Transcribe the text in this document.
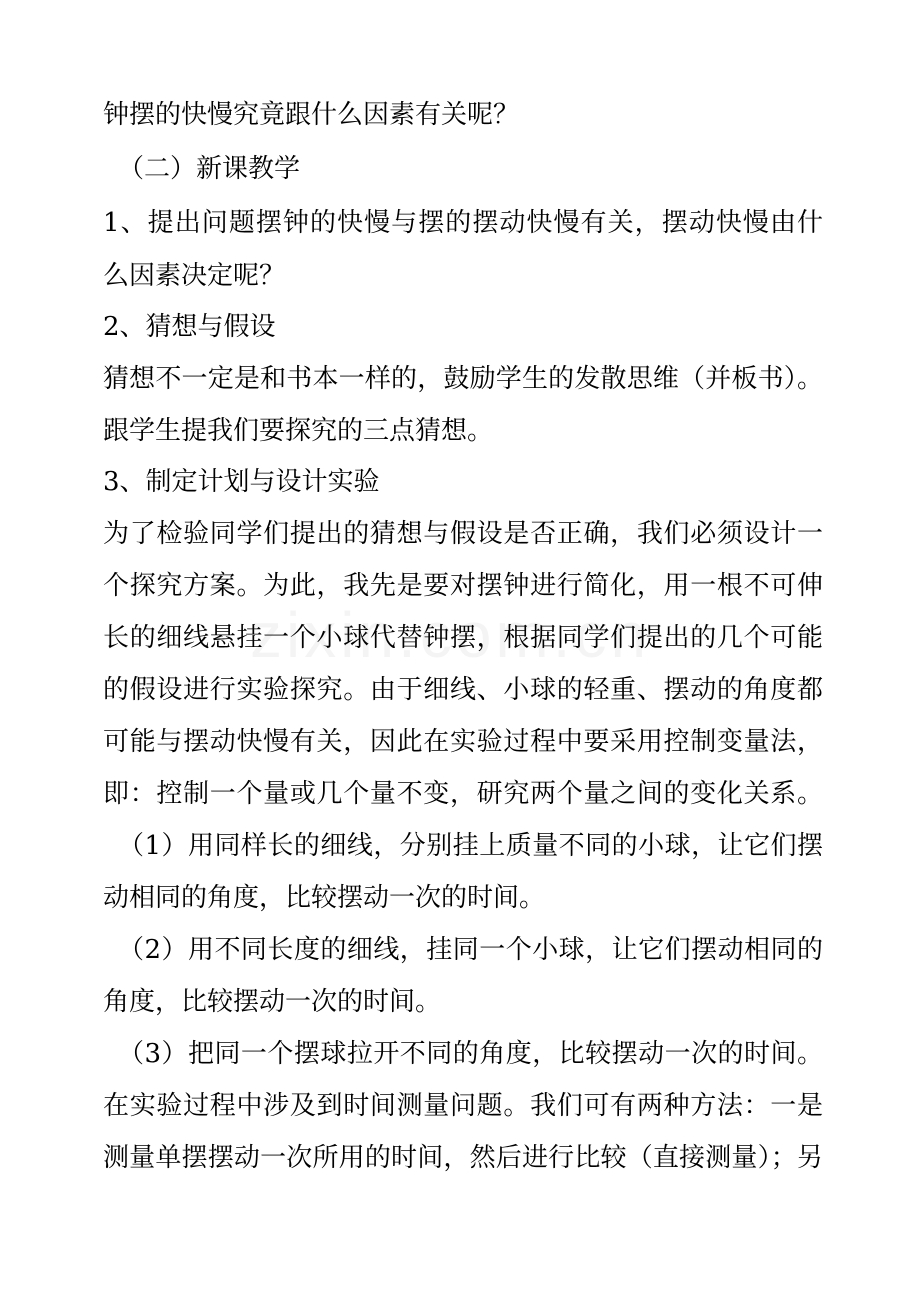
钟摆的快慢究竟跟什么因素有关呢？
（二）新课教学
1、提出问题摆钟的快慢与摆的摆动快慢有关，摆动快慢由什
么因素决定呢？
2、猜想与假设
猜想不一定是和书本一样的，鼓励学生的发散思维（并板书）。
跟学生提我们要探究的三点猜想。
3、制定计划与设计实验
为了检验同学们提出的猜想与假设是否正确，我们必须设计一
个探究方案。为此，我先是要对摆钟进行简化，用一根不可伸
长的细线悬挂一个小球代替钟摆，根据同学们提出的几个可能
的假设进行实验探究。由于细线、小球的轻重、摆动的角度都
可能与摆动快慢有关，因此在实验过程中要采用控制变量法，
即：控制一个量或几个量不变，研究两个量之间的变化关系。
（1）用同样长的细线，分别挂上质量不同的小球，让它们摆
动相同的角度，比较摆动一次的时间。
（2）用不同长度的细线，挂同一个小球，让它们摆动相同的
角度，比较摆动一次的时间。
（3）把同一个摆球拉开不同的角度，比较摆动一次的时间。
在实验过程中涉及到时间测量问题。我们可有两种方法：一是
测量单摆摆动一次所用的时间，然后进行比较（直接测量）；另
